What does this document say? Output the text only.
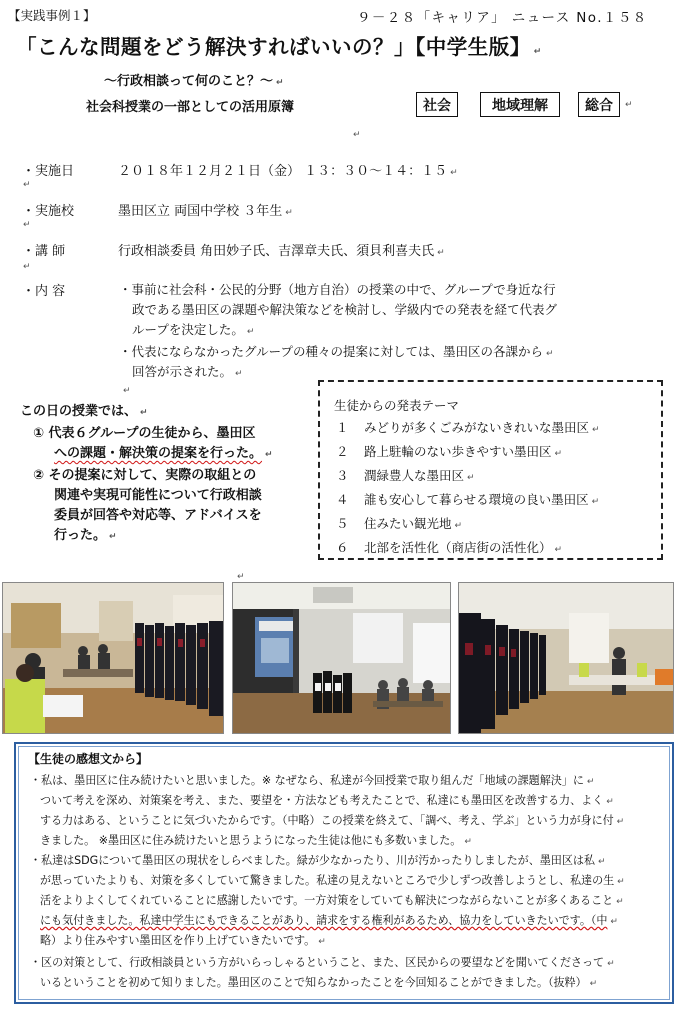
【実践事例１】	９－２８「キャリア」 ニュース No.１５８
「こんな問題をどう解決すればいいの？」【中学生版】 ↵
～行政相談って何のこと？～ ↵
社会科授業の一部としての活用原簿	社会	地域理解	総合	↵
↵
・実施日	２０１８年１２月２１日（金） １３：３０～１４：１５ ↵
↵
・実施校	墨田区立 両国中学校 ３年生 ↵
↵
・講 師	行政相談委員 角田妙子氏、吉澤章夫氏、須貝利喜夫氏 ↵
↵
・内 容	・事前に社会科・公民的分野（地方自治）の授業の中で、グループで身近な行
政である墨田区の課題や解決策などを検討し、学級内での発表を経て代表グ
ループを決定した。 ↵
・代表にならなかったグループの種々の提案に対しては、墨田区の各課から ↵
回答が示された。 ↵
↵
この日の授業では、 ↵
① 代表６グループの生徒から、墨田区
への課題・解決策の提案を行った。 ↵
② その提案に対して、実際の取組との
関連や実現可能性について行政相談
委員が回答や対応等、アドバイスを
行った。 ↵
生徒からの発表テーマ
１ みどりが多くごみがないきれいな墨田区 ↵
２ 路上駐輪のない歩きやすい墨田区 ↵
３ 潤緑豊人な墨田区 ↵
４ 誰も安心して暮らせる環境の良い墨田区 ↵
５ 住みたい観光地 ↵
６ 北部を活性化（商店街の活性化） ↵
↵
【生徒の感想文から】
・私は、墨田区に住み続けたいと思いました。※ なぜなら、私達が今回授業で取り組んだ「地域の課題解決」に ↵
ついて考えを深め、対策案を考え、また、要望を・方法なども考えたことで、私達にも墨田区を改善する力、よく ↵
する力はある、ということに気づいたからです。（中略）この授業を終えて、「調べ、考え、学ぶ」という力が身に付 ↵
きました。 ※墨田区に住み続けたいと思うようになった生徒は他にも多数いました。 ↵
・私達はSDGについて墨田区の現状をしらべました。緑が少なかったり、川が汚かったりしましたが、墨田区は私 ↵
が思っていたよりも、対策を多くしていて驚きました。私達の見えないところで少しずつ改善しようとし、私達の生 ↵
活をよりよくしてくれていることに感謝したいです。一方対策をしていても解決につながらないことが多くあること ↵
にも気付きました。私達中学生にもできることがあり、請求をする権利があるため、協力をしていきたいです。（中 ↵
略）より住みやすい墨田区を作り上げていきたいです。 ↵
・区の対策として、行政相談員という方がいらっしゃるということ、また、区民からの要望などを聞いてくださって ↵
いるということを初めて知りました。墨田区のことで知らなかったことを今回知ることができました。（抜粋） ↵
